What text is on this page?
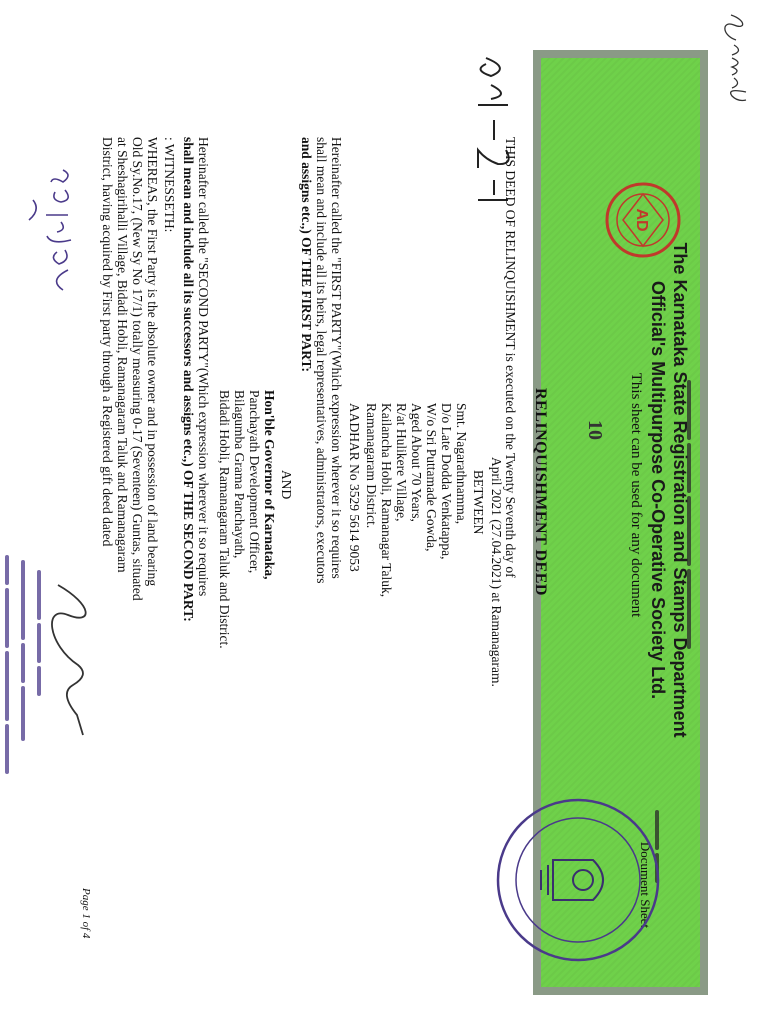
Scaned
The Karnataka State Registration and Stamps Department
Official's Multipurpose Co-Operative Society Ltd.
This sheet can be used for any document
Document Sheet
AD
10
RELINQUISHMENT DEED
THIS DEED OF RELINQUISHMENT is executed on the Twenty Seventh day of
April 2021 (27.04.2021) at Ramanagaram.
BETWEEN
Smt. Nagarathnamma,
D/o Late Dodda Venkatappa,
W/o Sri Puttamade Gowda,
Aged About 70 Years,
R/at Hulikere Village,
Kailancha Hobli, Ramanagar Taluk,
Ramanagaram District.
AADHAR No 3529 5614 9053
Hereinafter called the "FIRST PARTY"(Which expression wherever it so requires
shall mean and include all its heirs, legal representatives, administrators, executors
and assigns etc.,) OF THE FIRST PART:
AND
Hon'ble Governor of Karnataka,
Panchayath Development Officer,
Bilagumba Grama Panchayath,
Bidadi Hobli, Ramanagaram Taluk and District.
Hereinafter called the "SECOND PARTY"(Which expression wherever it so requires
shall mean and include all its successors and assigns etc.,) OF THE SECOND PART:
: WITNESSETH:
WHEREAS, the First Party is the absolute owner and in possession of land bearing
Old Sy.No.17, (New Sy No 17/1) totally measuring 0-17 (Seventeen) Guntas, situated
at Sheshagirihalli Village, Bidadi Hobli, Ramanagaram Taluk and Ramanagaram
District, having acquired by First party through a Registered gift deed dated
Page 1 of 4
